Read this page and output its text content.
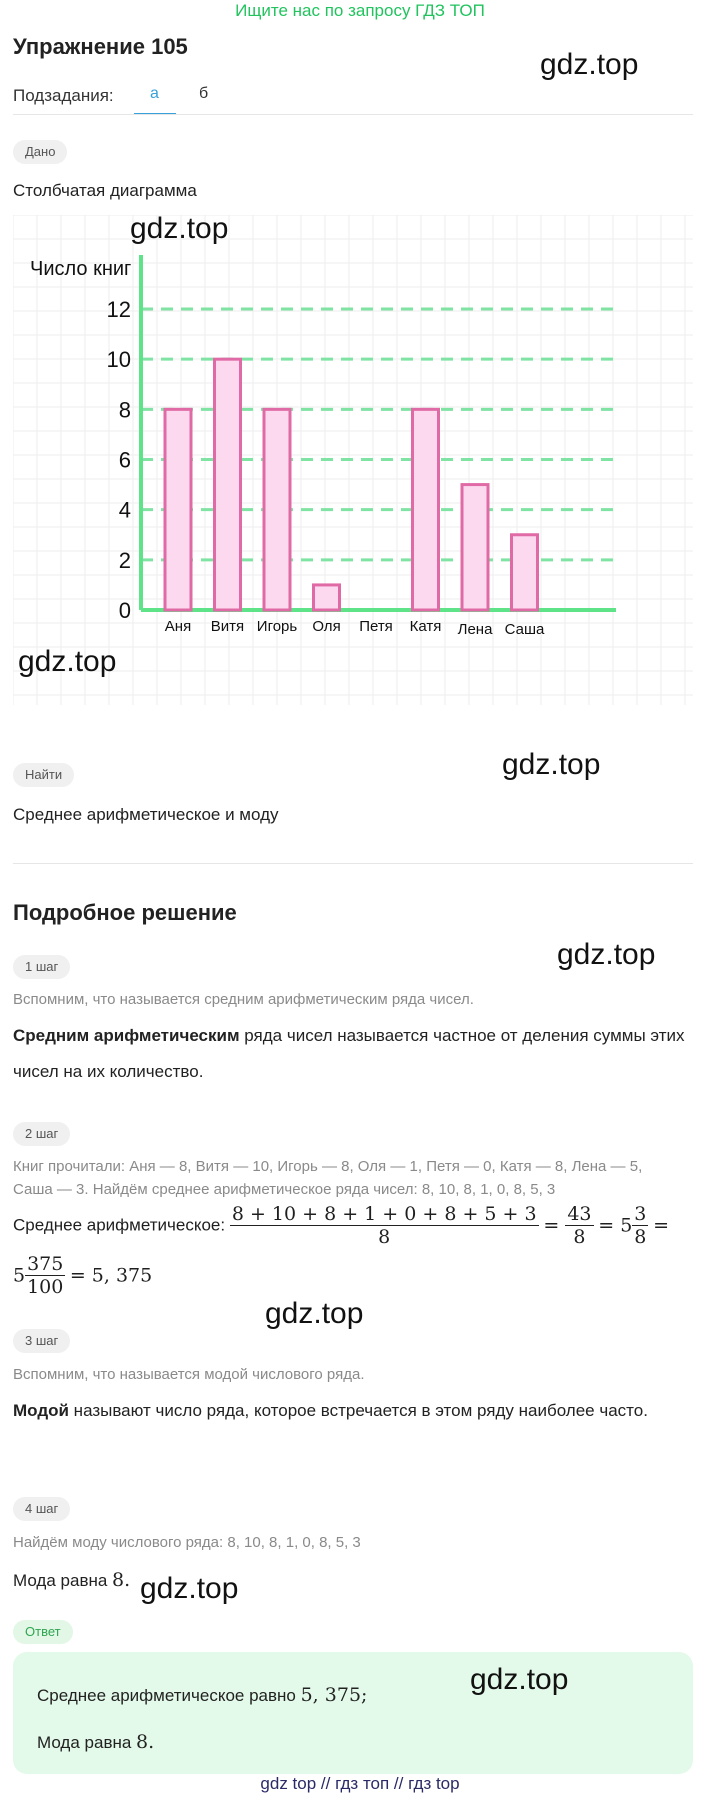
Ищите нас по запросу ГДЗ ТОП
Упражнение 105
gdz.top
Подзадания: а	б
Дано
Столбчатая диаграмма
0
2
4
6
8
10
12
Число книг
Аня Витя Игорь Оля Петя Катя Лена Саша
gdz.top
gdz.top
Найти	gdz.top
Среднее арифметическое и моду
Подробное решение
1 шаг	gdz.top
Вспомним, что называется средним арифметическим ряда чисел.
Средним арифметическим ряда чисел называется частное от деления суммы этих чисел на их количество.
2 шаг
Книг прочитали: Аня — 8, Витя — 10, Игорь — 8, Оля — 1, Петя — 0, Катя — 8, Лена — 5,
Саша — 3. Найдём среднее арифметическое ряда чисел: 8, 10, 8, 1, 0, 8, 5, 3
Среднее арифметическое: $\frac{8 + 10 + 8 + 1 + 0 + 8 + 5 + 3}{8} = \frac{43}{8} = 5 \frac{3}{8}$ =
$5 \frac{375}{100} = 5$, 375
gdz.top
3 шаг
Вспомним, что называется модой числового ряда.
Модой называют число ряда, которое встречается в этом ряду наиболее часто.
4 шаг
Найдём моду числового ряда: 8, 10, 8, 1, 0, 8, 5, 3
Мода равна 8. gdz.top
Ответ
gdz.top
Среднее арифметическое равно 5, 375;
Мода равна 8.
gdz top // гдз топ // гдз top
